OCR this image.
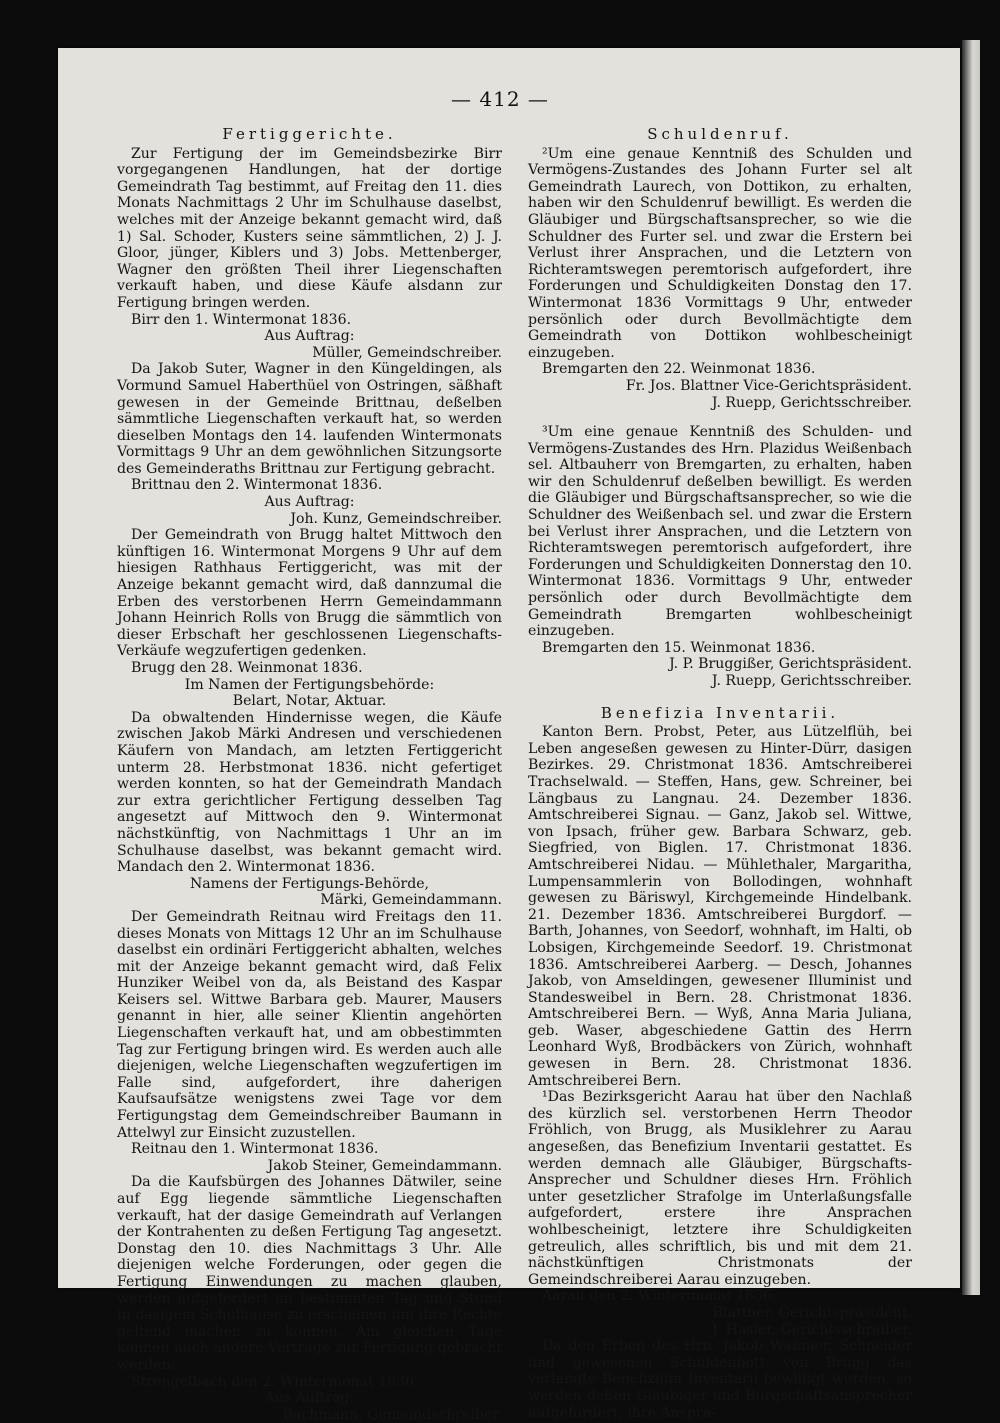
— 412 —
Fertiggerichte.

Zur Fertigung der im Gemeindsbezirke Birr vorgegangenen Handlungen, hat der dortige Gemeindrath Tag bestimmt, auf Freitag den 11. dies Monats Nachmittags 2 Uhr im Schulhause daselbst, welches mit der Anzeige bekannt gemacht wird, daß 1) Sal. Schoder, Kusters seine sämmtlichen, 2) J. J. Gloor, jünger, Kiblers und 3) Jobs. Mettenberger, Wagner den größten Theil ihrer Liegenschaften verkauft haben, und diese Käufe alsdann zur Fertigung bringen werden.

Birr den 1. Wintermonat 1836.

Aus Auftrag:

Müller, Gemeindschreiber.

Da Jakob Suter, Wagner in den Küngeldingen, als Vormund Samuel Haberthüel von Ostringen, säßhaft gewesen in der Gemeinde Brittnau, deßelben sämmtliche Liegenschaften verkauft hat, so werden dieselben Montags den 14. laufenden Wintermonats Vormittags 9 Uhr an dem gewöhnlichen Sitzungsorte des Gemeinderaths Brittnau zur Fertigung gebracht.

Brittnau den 2. Wintermonat 1836.

Aus Auftrag:

Joh. Kunz, Gemeindschreiber.

Der Gemeindrath von Brugg haltet Mittwoch den künftigen 16. Wintermonat Morgens 9 Uhr auf dem hiesigen Rathhaus Fertiggericht, was mit der Anzeige bekannt gemacht wird, daß dannzumal die Erben des verstorbenen Herrn Gemeindammann Johann Heinrich Rolls von Brugg die sämmtlich von dieser Erbschaft her geschlossenen Liegenschafts-Verkäufe wegzufertigen gedenken.

Brugg den 28. Weinmonat 1836.

Im Namen der Fertigungsbehörde:

Belart, Notar, Aktuar.

Da obwaltenden Hindernisse wegen, die Käufe zwischen Jakob Märki Andresen und verschiedenen Käufern von Mandach, am letzten Fertiggericht unterm 28. Herbstmonat 1836. nicht gefertiget werden konnten, so hat der Gemeindrath Mandach zur extra gerichtlicher Fertigung desselben Tag angesetzt auf Mittwoch den 9. Wintermonat nächstkünftig, von Nachmittags 1 Uhr an im Schulhause daselbst, was bekannt gemacht wird. Mandach den 2. Wintermonat 1836.

Namens der Fertigungs-Behörde,

Märki, Gemeindammann.

Der Gemeindrath Reitnau wird Freitags den 11. dieses Monats von Mittags 12 Uhr an im Schulhause daselbst ein ordinäri Fertiggericht abhalten, welches mit der Anzeige bekannt gemacht wird, daß Felix Hunziker Weibel von da, als Beistand des Kaspar Keisers sel. Wittwe Barbara geb. Maurer, Mausers genannt in hier, alle seiner Klientin angehörten Liegenschaften verkauft hat, und am obbestimmten Tag zur Fertigung bringen wird. Es werden auch alle diejenigen, welche Liegenschaften wegzufertigen im Falle sind, aufgefordert, ihre daherigen Kaufsaufsätze wenigstens zwei Tage vor dem Fertigungstag dem Gemeindschreiber Baumann in Attelwyl zur Einsicht zuzustellen.

Reitnau den 1. Wintermonat 1836.

Jakob Steiner, Gemeindammann.

Da die Kaufsbürgen des Johannes Dätwiler, seine auf Egg liegende sämmtliche Liegenschaften verkauft, hat der dasige Gemeindrath auf Verlangen der Kontrahenten zu deßen Fertigung Tag angesetzt. Donstag den 10. dies Nachmittags 3 Uhr. Alle diejenigen welche Forderungen, oder gegen die Fertigung Einwendungen zu machen glauben, werden aufgefordert an bestimmten Tag und Stund in dasigem Schulhause zu erscheinen um ihre Rechte geltend machen zu können. Am gleichen Tage können auch andere Verträge zur Fertigung gebracht werden.

Strengelbach den 2. Wintermonat 1836.

Aus Auftrag:

Bachmann, Gemeindschreiber.

Schuldenruf.

²Um eine genaue Kenntniß des Schulden und Vermögens-Zustandes des Johann Furter sel alt Gemeindrath Laurech, von Dottikon, zu erhalten, haben wir den Schuldenruf bewilligt. Es werden die Gläubiger und Bürgschaftsansprecher, so wie die Schuldner des Furter sel. und zwar die Erstern bei Verlust ihrer Ansprachen, und die Letztern von Richteramtswegen peremtorisch aufgefordert, ihre Forderungen und Schuldigkeiten Donstag den 17. Wintermonat 1836 Vormittags 9 Uhr, entweder persönlich oder durch Bevollmächtigte dem Gemeindrath von Dottikon wohlbescheinigt einzugeben.

Bremgarten den 22. Weinmonat 1836.

Fr. Jos. Blattner Vice-Gerichtspräsident.

J. Ruepp, Gerichtsschreiber.

³Um eine genaue Kenntniß des Schulden- und Vermögens-Zustandes des Hrn. Plazidus Weißenbach sel. Altbauherr von Bremgarten, zu erhalten, haben wir den Schuldenruf deßelben bewilligt. Es werden die Gläubiger und Bürgschaftsansprecher, so wie die Schuldner des Weißenbach sel. und zwar die Erstern bei Verlust ihrer Ansprachen, und die Letztern von Richteramtswegen peremtorisch aufgefordert, ihre Forderungen und Schuldigkeiten Donnerstag den 10. Wintermonat 1836. Vormittags 9 Uhr, entweder persönlich oder durch Bevollmächtigte dem Gemeindrath Bremgarten wohlbescheinigt einzugeben.

Bremgarten den 15. Weinmonat 1836.

J. P. Bruggißer, Gerichtspräsident.

J. Ruepp, Gerichtsschreiber.

Benefizia Inventarii.

Kanton Bern. Probst, Peter, aus Lützelflüh, bei Leben angeseßen gewesen zu Hinter-Dürr, dasigen Bezirkes. 29. Christmonat 1836. Amtschreiberei Trachselwald. — Steffen, Hans, gew. Schreiner, bei Längbaus zu Langnau. 24. Dezember 1836. Amtschreiberei Signau. — Ganz, Jakob sel. Wittwe, von Ipsach, früher gew. Barbara Schwarz, geb. Siegfried, von Biglen. 17. Christmonat 1836. Amtschreiberei Nidau. — Mühlethaler, Margaritha, Lumpensammlerin von Bollodingen, wohnhaft gewesen zu Bäriswyl, Kirchgemeinde Hindelbank. 21. Dezember 1836. Amtschreiberei Burgdorf. — Barth, Johannes, von Seedorf, wohnhaft, im Halti, ob Lobsigen, Kirchgemeinde Seedorf. 19. Christmonat 1836. Amtschreiberei Aarberg. — Desch, Johannes Jakob, von Amseldingen, gewesener Illuminist und Standesweibel in Bern. 28. Christmonat 1836. Amtschreiberei Bern. — Wyß, Anna Maria Juliana, geb. Waser, abgeschiedene Gattin des Herrn Leonhard Wyß, Brodbäckers von Zürich, wohnhaft gewesen in Bern. 28. Christmonat 1836. Amtschreiberei Bern.

¹Das Bezirksgericht Aarau hat über den Nachlaß des kürzlich sel. verstorbenen Herrn Theodor Fröhlich, von Brugg, als Musiklehrer zu Aarau angeseßen, das Benefizium Inventarii gestattet. Es werden demnach alle Gläubiger, Bürgschafts-Ansprecher und Schuldner dieses Hrn. Fröhlich unter gesetzlicher Strafolge im Unterlaßungsfalle aufgefordert, erstere ihre Ansprachen wohlbescheinigt, letztere ihre Schuldigkeiten getreulich, alles schriftlich, bis und mit dem 21. nächstkünftigen Christmonats der Gemeindschreiberei Aarau einzugeben.

Aarau den 2. Wintermonat 1836.

Blattner, Gerichtspräsident.

J. Hasler, Gerichtsschreiber.

Da den Erben des Hrn. Jakob Waßmer, Schneider und gewesenen Schuldenbott von Brugg das verlangte Benefizium Inventarii bewilligt worden, so werden deßen Gläubiger und Bürgschaftsansprecher aufgefordert, ihre Anspra-
